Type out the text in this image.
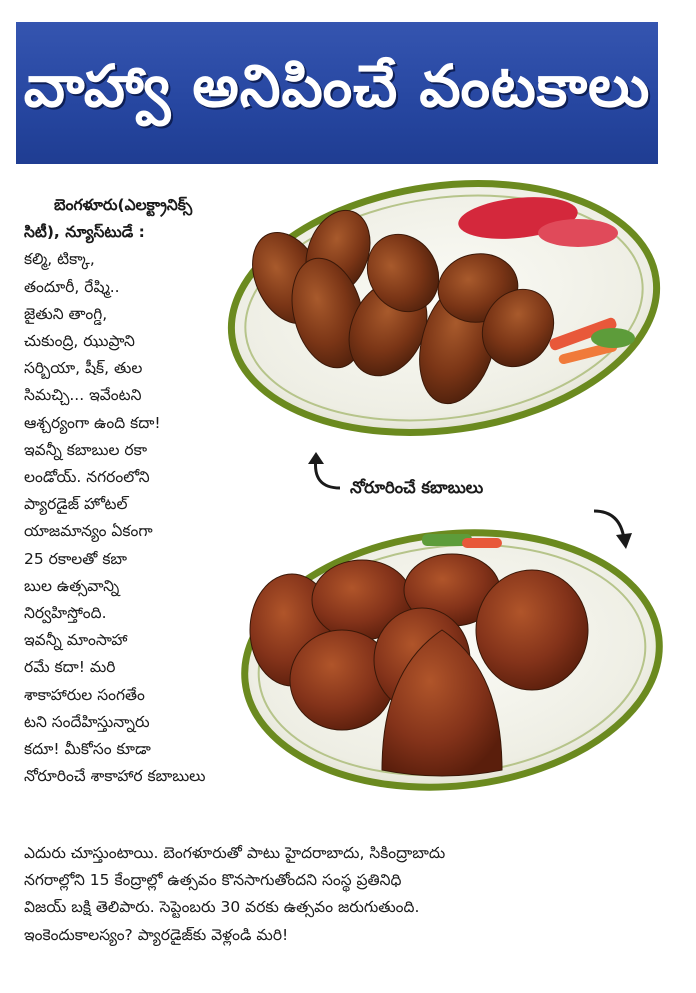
వాహ్వా అనిపించే వంటకాలు
బెంగళూరు(ఎలక్ట్రానిక్స్
సిటీ), న్యూస్‌టుడే :
కల్మి, టిక్కా,
తందూరీ, రేష్మి..
జైతుని తాంగ్డి,
చుకుంద్రి, ఝుప్రాని
సర్బియా, షీక్, తుల
సిమచ్చి... ఇవేంటని
ఆశ్చర్యంగా ఉంది కదా!
ఇవన్నీ కబాబుల రకా
లండోయ్. నగరంలోని
ప్యారడైజ్ హోటల్
యాజమాన్యం ఏకంగా
25 రకాలతో కబా
బుల ఉత్సవాన్ని
నిర్వహిస్తోంది.
ఇవన్నీ మాంసాహా
రమే కదా! మరి
శాకాహారుల సంగతేం
టని సందేహిస్తున్నారు
కదూ! మీకోసం కూడా
నోరూరించే శాకాహార కబాబులు
నోరూరించే కబాబులు
ఎదురు చూస్తుంటాయి. బెంగళూరుతో పాటు హైదరాబాదు, సికింద్రాబాదు
నగరాల్లోని 15 కేంద్రాల్లో ఉత్సవం కొనసాగుతోందని సంస్థ ప్రతినిధి
విజయ్ బక్షి తెలిపారు. సెప్టెంబరు 30 వరకు ఉత్సవం జరుగుతుంది.
ఇంకెందుకాలస్యం? ప్యారడైజ్‌కు వెళ్లండి మరి!
